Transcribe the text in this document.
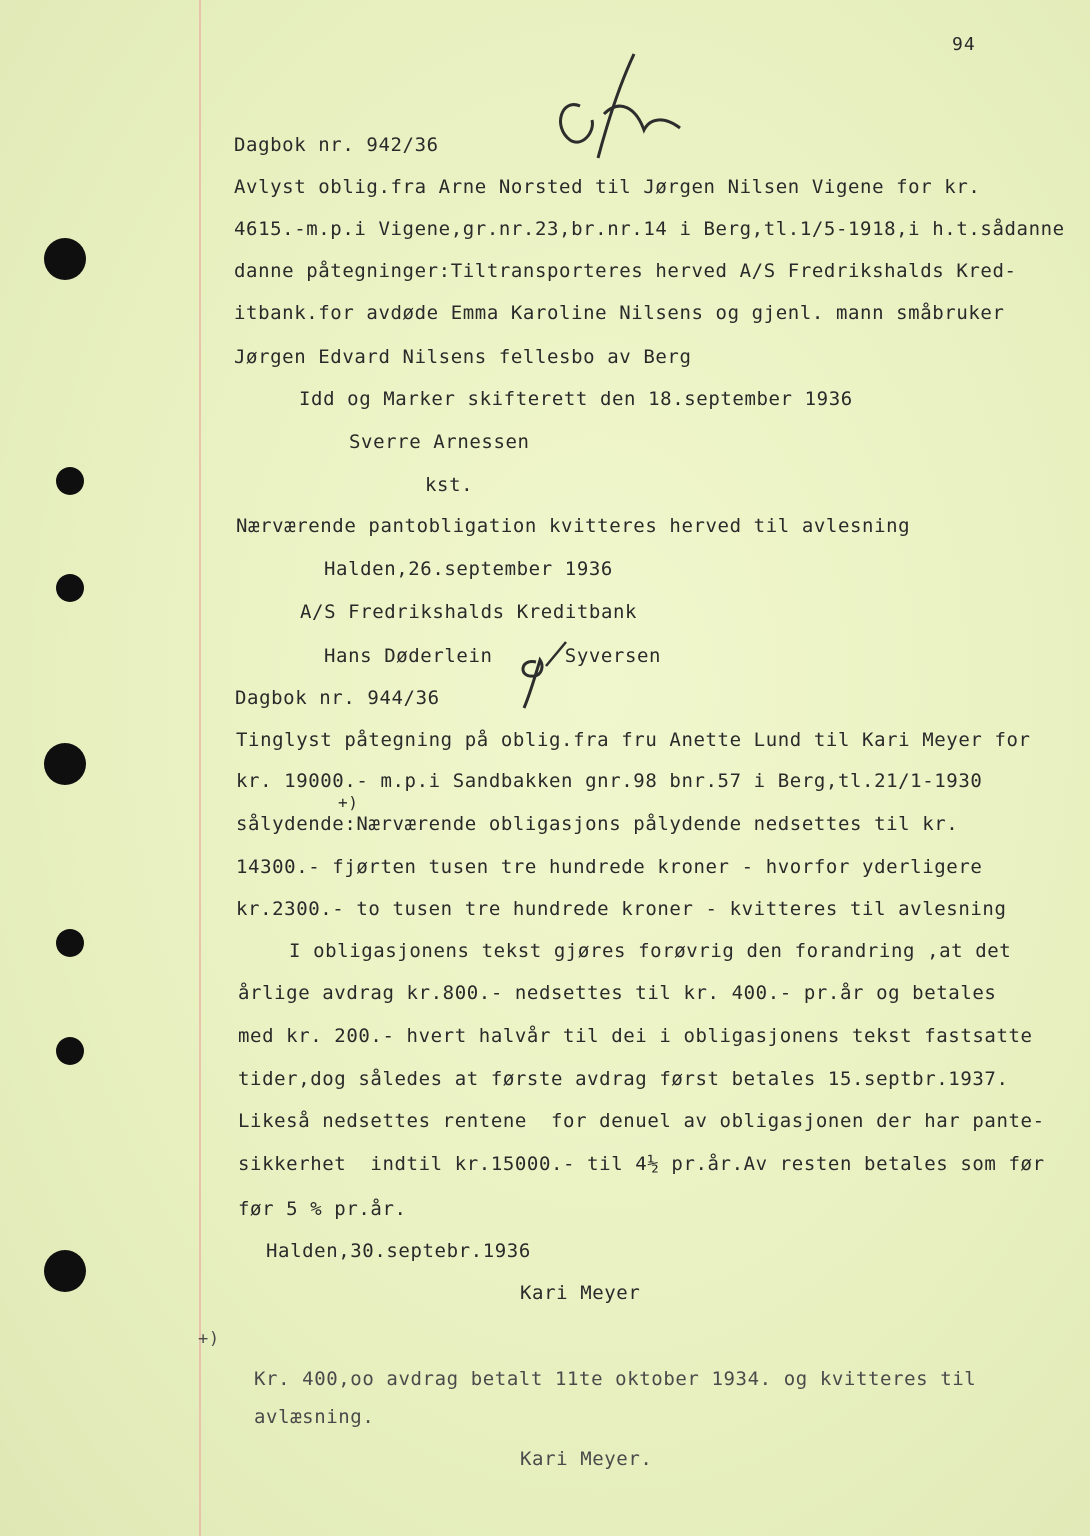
94
Dagbok nr. 942/36
Avlyst oblig.fra Arne Norsted til Jørgen Nilsen Vigene for kr.
4615.-m.p.i Vigene,gr.nr.23,br.nr.14 i Berg,tl.1/5-1918,i h.t.sådanne
danne påtegninger:Tiltransporteres herved A/S Fredrikshalds Kred-
itbank.for avdøde Emma Karoline Nilsens og gjenl. mann småbruker
Jørgen Edvard Nilsens fellesbo av Berg
Idd og Marker skifterett den 18.september 1936
Sverre Arnessen
kst.
Nærværende pantobligation kvitteres herved til avlesning
Halden,26.september 1936
A/S Fredrikshalds Kreditbank
Hans Døderlein      Syversen
Dagbok nr. 944/36
Tinglyst påtegning på oblig.fra fru Anette Lund til Kari Meyer for
kr. 19000.- m.p.i Sandbakken gnr.98 bnr.57 i Berg,tl.21/1-1930
+)
sålydende:Nærværende obligasjons pålydende nedsettes til kr.
14300.- fjørten tusen tre hundrede kroner - hvorfor yderligere
kr.2300.- to tusen tre hundrede kroner - kvitteres til avlesning
I obligasjonens tekst gjøres forøvrig den forandring ,at det
årlige avdrag kr.800.- nedsettes til kr. 400.- pr.år og betales
med kr. 200.- hvert halvår til dei i obligasjonens tekst fastsatte
tider,dog således at første avdrag først betales 15.septbr.1937.
Likeså nedsettes rentene  for denuel av obligasjonen der har pante-
sikkerhet  indtil kr.15000.- til 4½ pr.år.Av resten betales som før
før 5 % pr.år.
Halden,30.septebr.1936
Kari Meyer
+)
Kr. 400,oo avdrag betalt 11te oktober 1934. og kvitteres til
avlæsning.
Kari Meyer.
